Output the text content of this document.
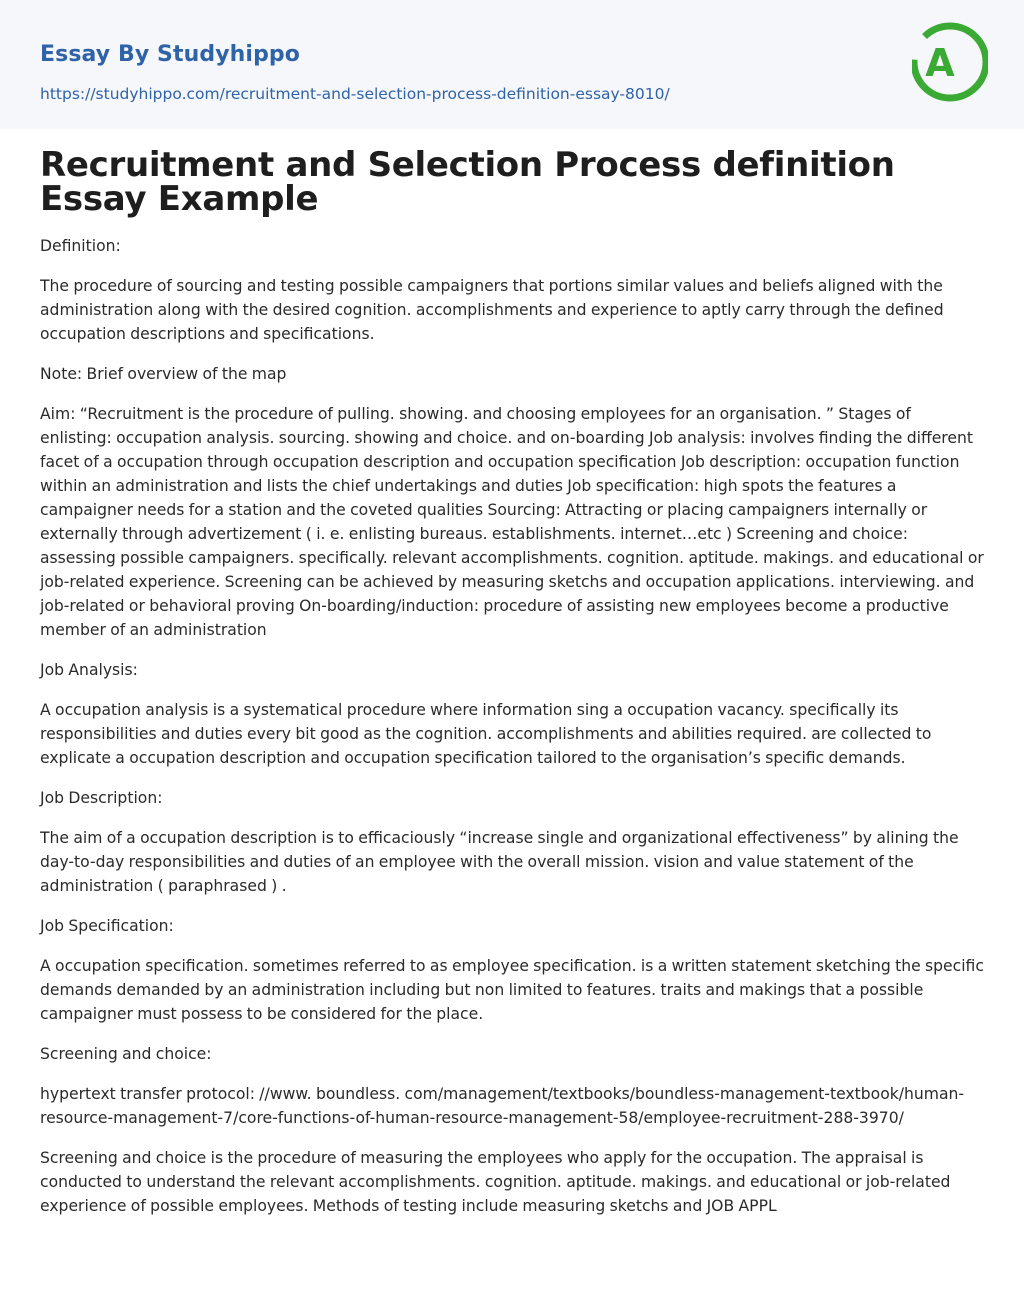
Essay By Studyhippo
https://studyhippo.com/recruitment-and-selection-process-definition-essay-8010/
A
Recruitment and Selection Process definition Essay Example

Definition:

The procedure of sourcing and testing possible campaigners that portions similar values and beliefs aligned with the administration along with the desired cognition. accomplishments and experience to aptly carry through the defined occupation descriptions and specifications.

Note: Brief overview of the map

Aim: “Recruitment is the procedure of pulling. showing. and choosing employees for an organisation. ” Stages of enlisting: occupation analysis. sourcing. showing and choice. and on-boarding Job analysis: involves finding the different facet of a occupation through occupation description and occupation specification Job description: occupation function within an administration and lists the chief undertakings and duties Job specification: high spots the features a campaigner needs for a station and the coveted qualities Sourcing: Attracting or placing campaigners internally or externally through advertizement ( i. e. enlisting bureaus. establishments. internet…etc ) Screening and choice: assessing possible campaigners. specifically. relevant accomplishments. cognition. aptitude. makings. and educational or job-related experience. Screening can be achieved by measuring sketchs and occupation applications. interviewing. and job-related or behavioral proving On-boarding/induction: procedure of assisting new employees become a productive member of an administration

Job Analysis:

A occupation analysis is a systematical procedure where information sing a occupation vacancy. specifically its responsibilities and duties every bit good as the cognition. accomplishments and abilities required. are collected to explicate a occupation description and occupation specification tailored to the organisation’s specific demands.

Job Description:

The aim of a occupation description is to efficaciously “increase single and organizational effectiveness” by alining the day-to-day responsibilities and duties of an employee with the overall mission. vision and value statement of the administration ( paraphrased ) .

Job Specification:

A occupation specification. sometimes referred to as employee specification. is a written statement sketching the specific demands demanded by an administration including but non limited to features. traits and makings that a possible campaigner must possess to be considered for the place.

Screening and choice:

hypertext transfer protocol: //www. boundless. com/management/textbooks/boundless-management-textbook/human-resource-management-7/core-functions-of-human-resource-management-58/employee-recruitment-288-3970/

Screening and choice is the procedure of measuring the employees who apply for the occupation. The appraisal is conducted to understand the relevant accomplishments. cognition. aptitude. makings. and educational or job-related experience of possible employees. Methods of testing include measuring sketchs and JOB APPL
